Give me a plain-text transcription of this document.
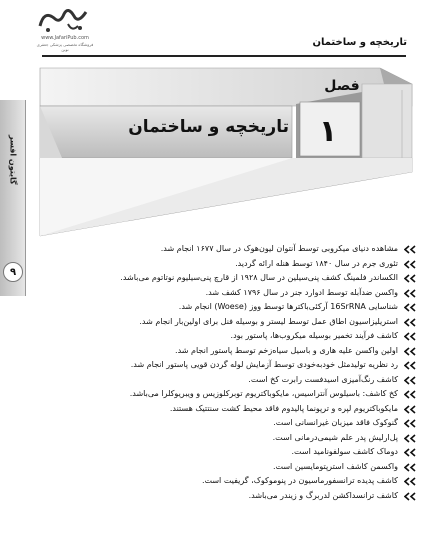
www.JafariPub.com
فروشگاه تخصصی پزشکی جعفری نوین
تاریخچه و ساختمان
فصل
۱
تاریخچه و ساختمان
گایتون افسر
۹
مشاهده دنیای میکروبی توسط آنتوان لیون‌هوک در سال ۱۶۷۷ انجام شد.
تئوری جرم در سال ۱۸۴۰ توسط هنله ارائه گردید.
الکساندر فلمینگ کشف پنی‌سیلین در سال ۱۹۲۸ از قارچ پنی‌سیلیوم نوتاتوم می‌باشد.
واکسن ضدآبله توسط ادوارد جنر در سال ۱۷۹۶ کشف شد.
شناسایی 16SrRNA آرکئی‌باکترها توسط ووز (Woese) انجام شد.
استریلیزاسیون اطاق عمل توسط لیستر و بوسیله فنل برای اولین‌بار انجام شد.
کاشف فرآیند تخمیر بوسیله میکروب‌ها، پاستور بود.
اولین واکسن علیه هاری و باسیل سیاه‌زخم توسط پاستور انجام شد.
رد نظریه تولیدمثل خودبه‌خودی توسط آزمایش لوله گردن قویی پاستور انجام شد.
کاشف رنگ‌آمیزی اسیدفست رابرت کخ است.
کخ کاشف: باسیلوس آنتراسیس، مایکوباکتریوم توبرکلوزیس و ویبریوکلرا می‌باشد.
مایکوباکتریوم لپره و ترپونما پالیدوم فاقد محیط کشت سنتتیک هستند.
گنوکوک فاقد میزبان غیرانسانی است.
پل‌ارلیش پدر علم شیمی‌درمانی است.
دوماک کاشف سولفونامید است.
واکسمن کاشف استرپتومایسین است.
کاشف پدیده ترانسفورماسیون در پنوموکوک، گریفیت است.
کاشف ترانسداکشن لدربرگ و زیندر می‌باشد.
